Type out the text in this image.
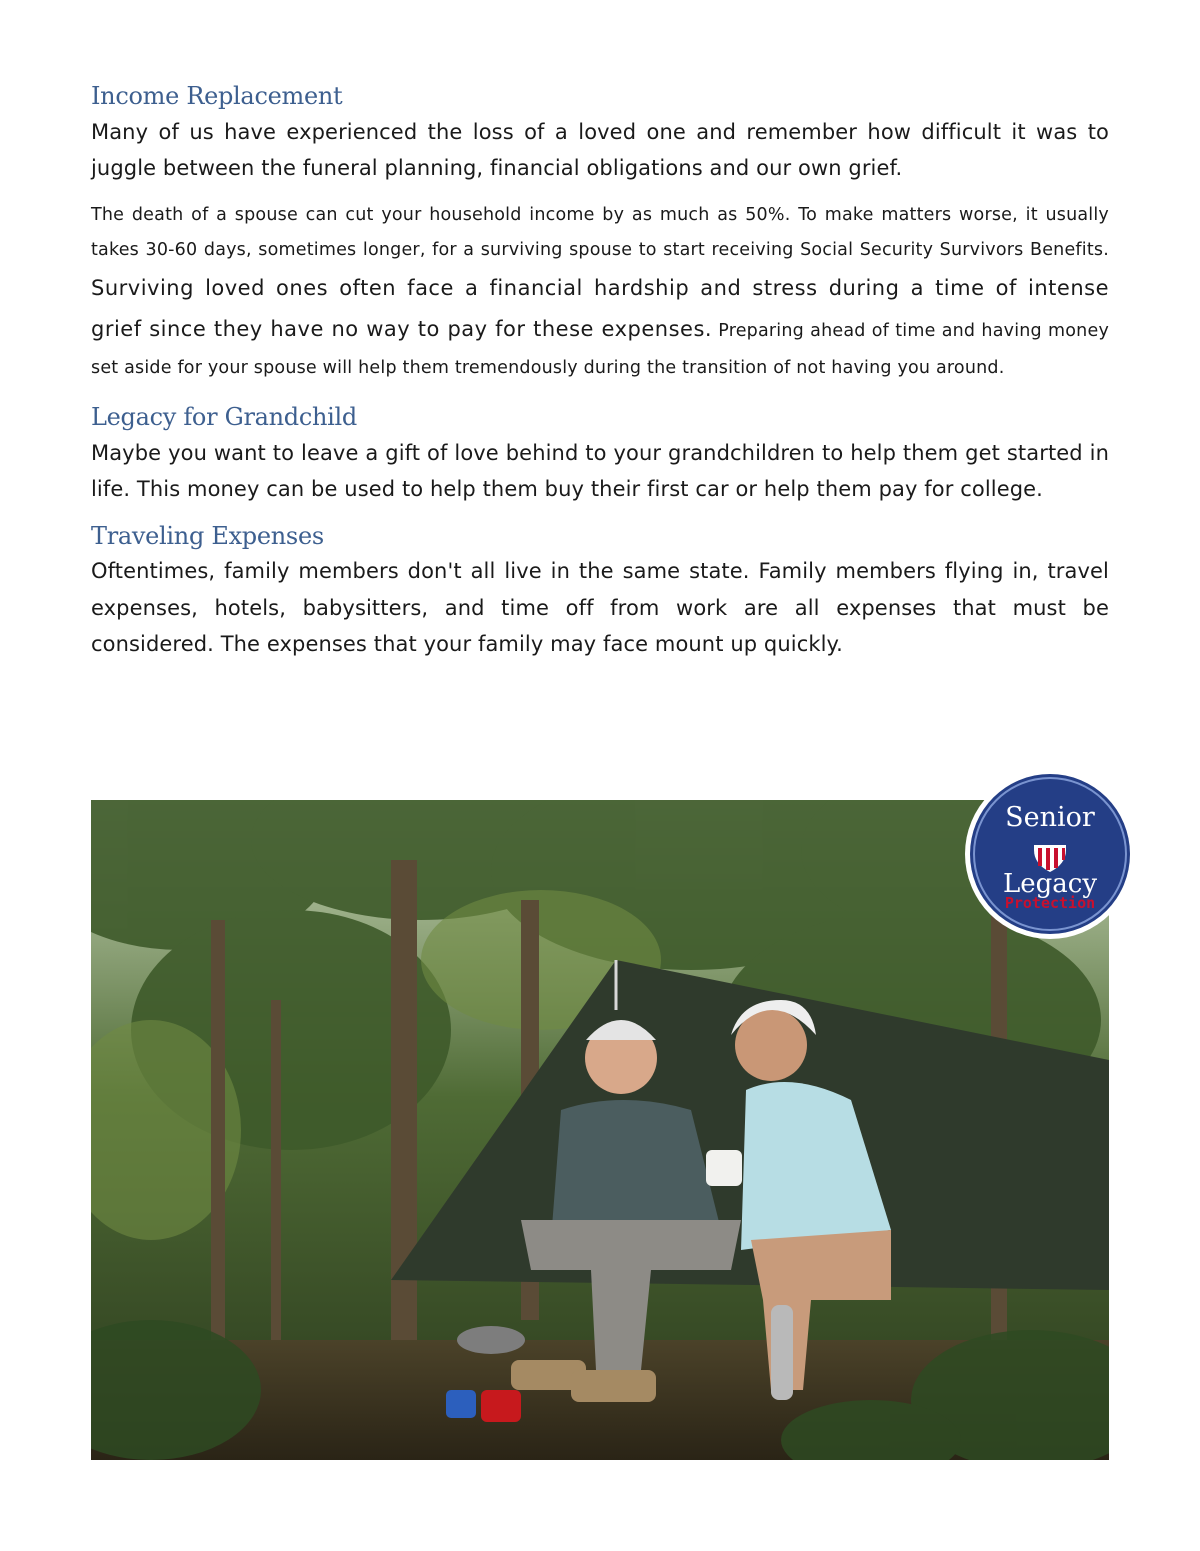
Income Replacement

Many of us have experienced the loss of a loved one and remember how difficult it was to juggle between the funeral planning, financial obligations and our own grief.

The death of a spouse can cut your household income by as much as 50%. To make matters worse, it usually takes 30-60 days, sometimes longer, for a surviving spouse to start receiving Social Security Survivors Benefits. Surviving loved ones often face a financial hardship and stress during a time of intense grief since they have no way to pay for these expenses. Preparing ahead of time and having money set aside for your spouse will help them tremendously during the transition of not having you around.

Legacy for Grandchild

Maybe you want to leave a gift of love behind to your grandchildren to help them get started in life. This money can be used to help them buy their first car or help them pay for college.

Traveling Expenses

Oftentimes, family members don't all live in the same state. Family members flying in, travel expenses, hotels, babysitters, and time off from work are all expenses that must be considered. The expenses that your family may face mount up quickly.

Senior
Legacy
Protection
